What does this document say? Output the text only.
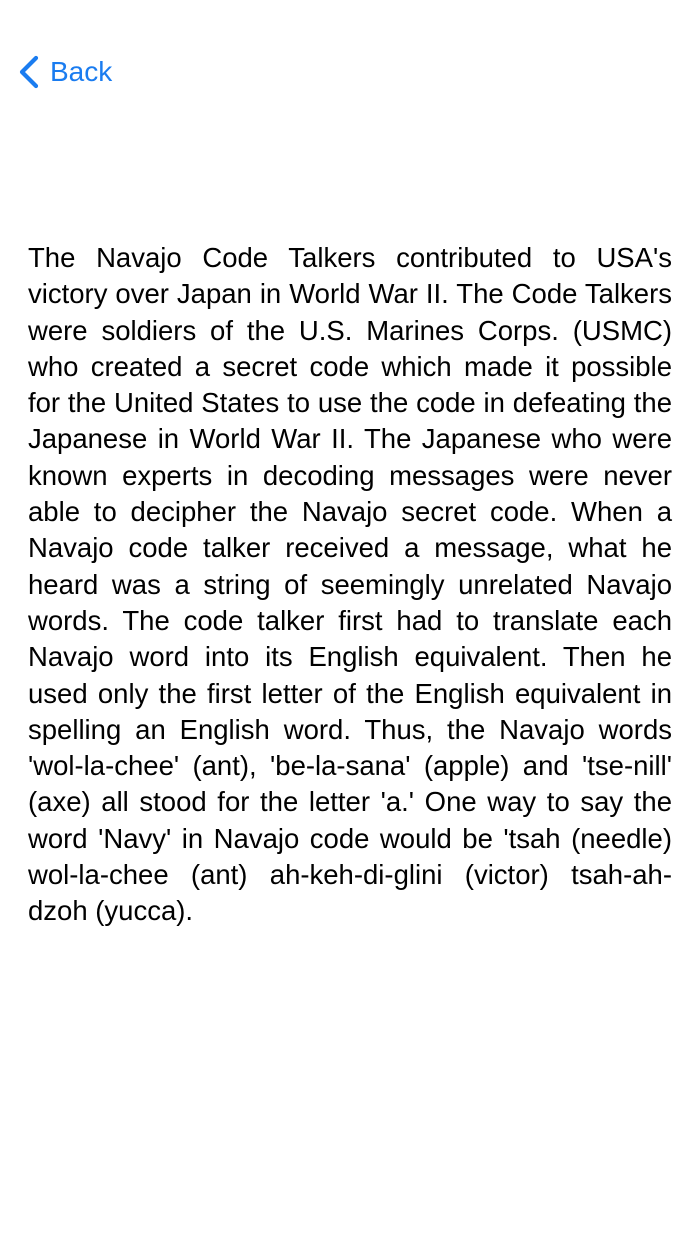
Back
The Navajo Code Talkers contributed to USA's victory over Japan in World War II. The Code Talkers were soldiers of the U.S. Marines Corps. (USMC) who created a secret code which made it possible for the United States to use the code in defeating the Japanese in World War II. The Japanese who were known experts in decoding messages were never able to decipher the Navajo secret code. When a Navajo code talker received a message, what he heard was a string of seemingly unrelated Navajo words. The code talker first had to translate each Navajo word into its English equivalent. Then he used only the first letter of the English equivalent in spelling an English word. Thus, the Navajo words 'wol-la-chee' (ant), 'be-la-sana' (apple) and 'tse-nill' (axe) all stood for the letter 'a.' One way to say the word 'Navy' in Navajo code would be 'tsah (needle) wol-la-chee (ant) ah-keh-di-glini (victor) tsah-ah-dzoh (yucca).
